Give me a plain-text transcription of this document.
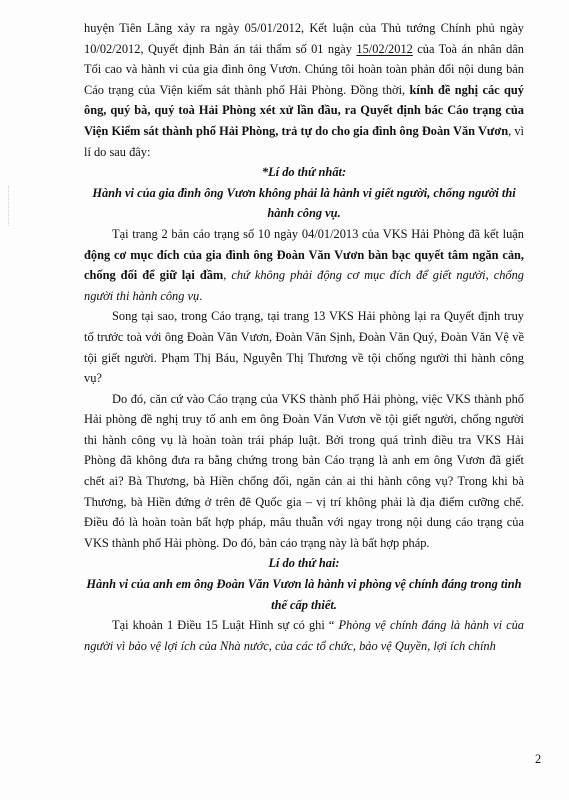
huyện Tiên Lãng xảy ra ngày 05/01/2012, Kết luận của Thủ tướng Chính phủ ngày 10/02/2012, Quyết định Bản án tái thẩm số 01 ngày 15/02/2012 của Toà án nhân dân Tối cao và hành vi của gia đình ông Vươn. Chúng tôi hoàn toàn phản đối nội dung bản Cáo trạng của Viện kiểm sát thành phố Hải Phòng. Đồng thời, kính đề nghị các quý ông, quý bà, quý toà Hải Phòng xét xử lần đầu, ra Quyết định bác Cáo trạng của Viện Kiểm sát thành phố Hải Phòng, trả tự do cho gia đình ông Đoàn Văn Vươn, vì lí do sau đây:

*Lí do thứ nhất:

Hành vi của gia đình ông Vươn không phải là hành vi giết người, chống người thi hành công vụ.

Tại trang 2 bản cáo trạng số 10 ngày 04/01/2013 của VKS Hải Phòng đã kết luận động cơ mục đích của gia đình ông Đoàn Văn Vươn bàn bạc quyết tâm ngăn cản, chống đối để giữ lại đầm, chứ không phải động cơ mục đích để giết người, chống người thi hành công vụ.

Song tại sao, trong Cáo trạng, tại trang 13 VKS Hải phòng lại ra Quyết định truy tố trước toà với ông Đoàn Văn Vươn, Đoàn Văn Sịnh, Đoàn Văn Quý, Đoàn Văn Vệ về tội giết người. Phạm Thị Báu, Nguyễn Thị Thương về tội chống người thi hành công vụ?

Do đó, căn cứ vào Cáo trạng của VKS thành phố Hải phòng, việc VKS thành phố Hải phòng đề nghị truy tố anh em ông Đoàn Văn Vươn về tội giết người, chống người thi hành công vụ là hoàn toàn trái pháp luật. Bởi trong quá trình điều tra VKS Hải Phòng đã không đưa ra bằng chứng trong bản Cáo trạng là anh em ông Vươn đã giết chết ai? Bà Thương, bà Hiền chống đối, ngăn cản ai thi hành công vụ? Trong khi bà Thương, bà Hiền đứng ở trên đê Quốc gia – vị trí không phải là địa điểm cưỡng chế. Điều đó là hoàn toàn bất hợp pháp, mâu thuẫn với ngay trong nội dung cáo trạng của VKS thành phố Hải phòng. Do đó, bản cáo trạng này là bất hợp pháp.

Lí do thứ hai:

Hành vi của anh em ông Đoàn Văn Vươn là hành vi phòng vệ chính đáng trong tình thế cấp thiết.

Tại khoản 1 Điều 15 Luật Hình sự có ghi “ Phòng vệ chính đáng là hành vi của người vì bảo vệ lợi ích của Nhà nước, của các tổ chức, bảo vệ Quyền, lợi ích chính

2
